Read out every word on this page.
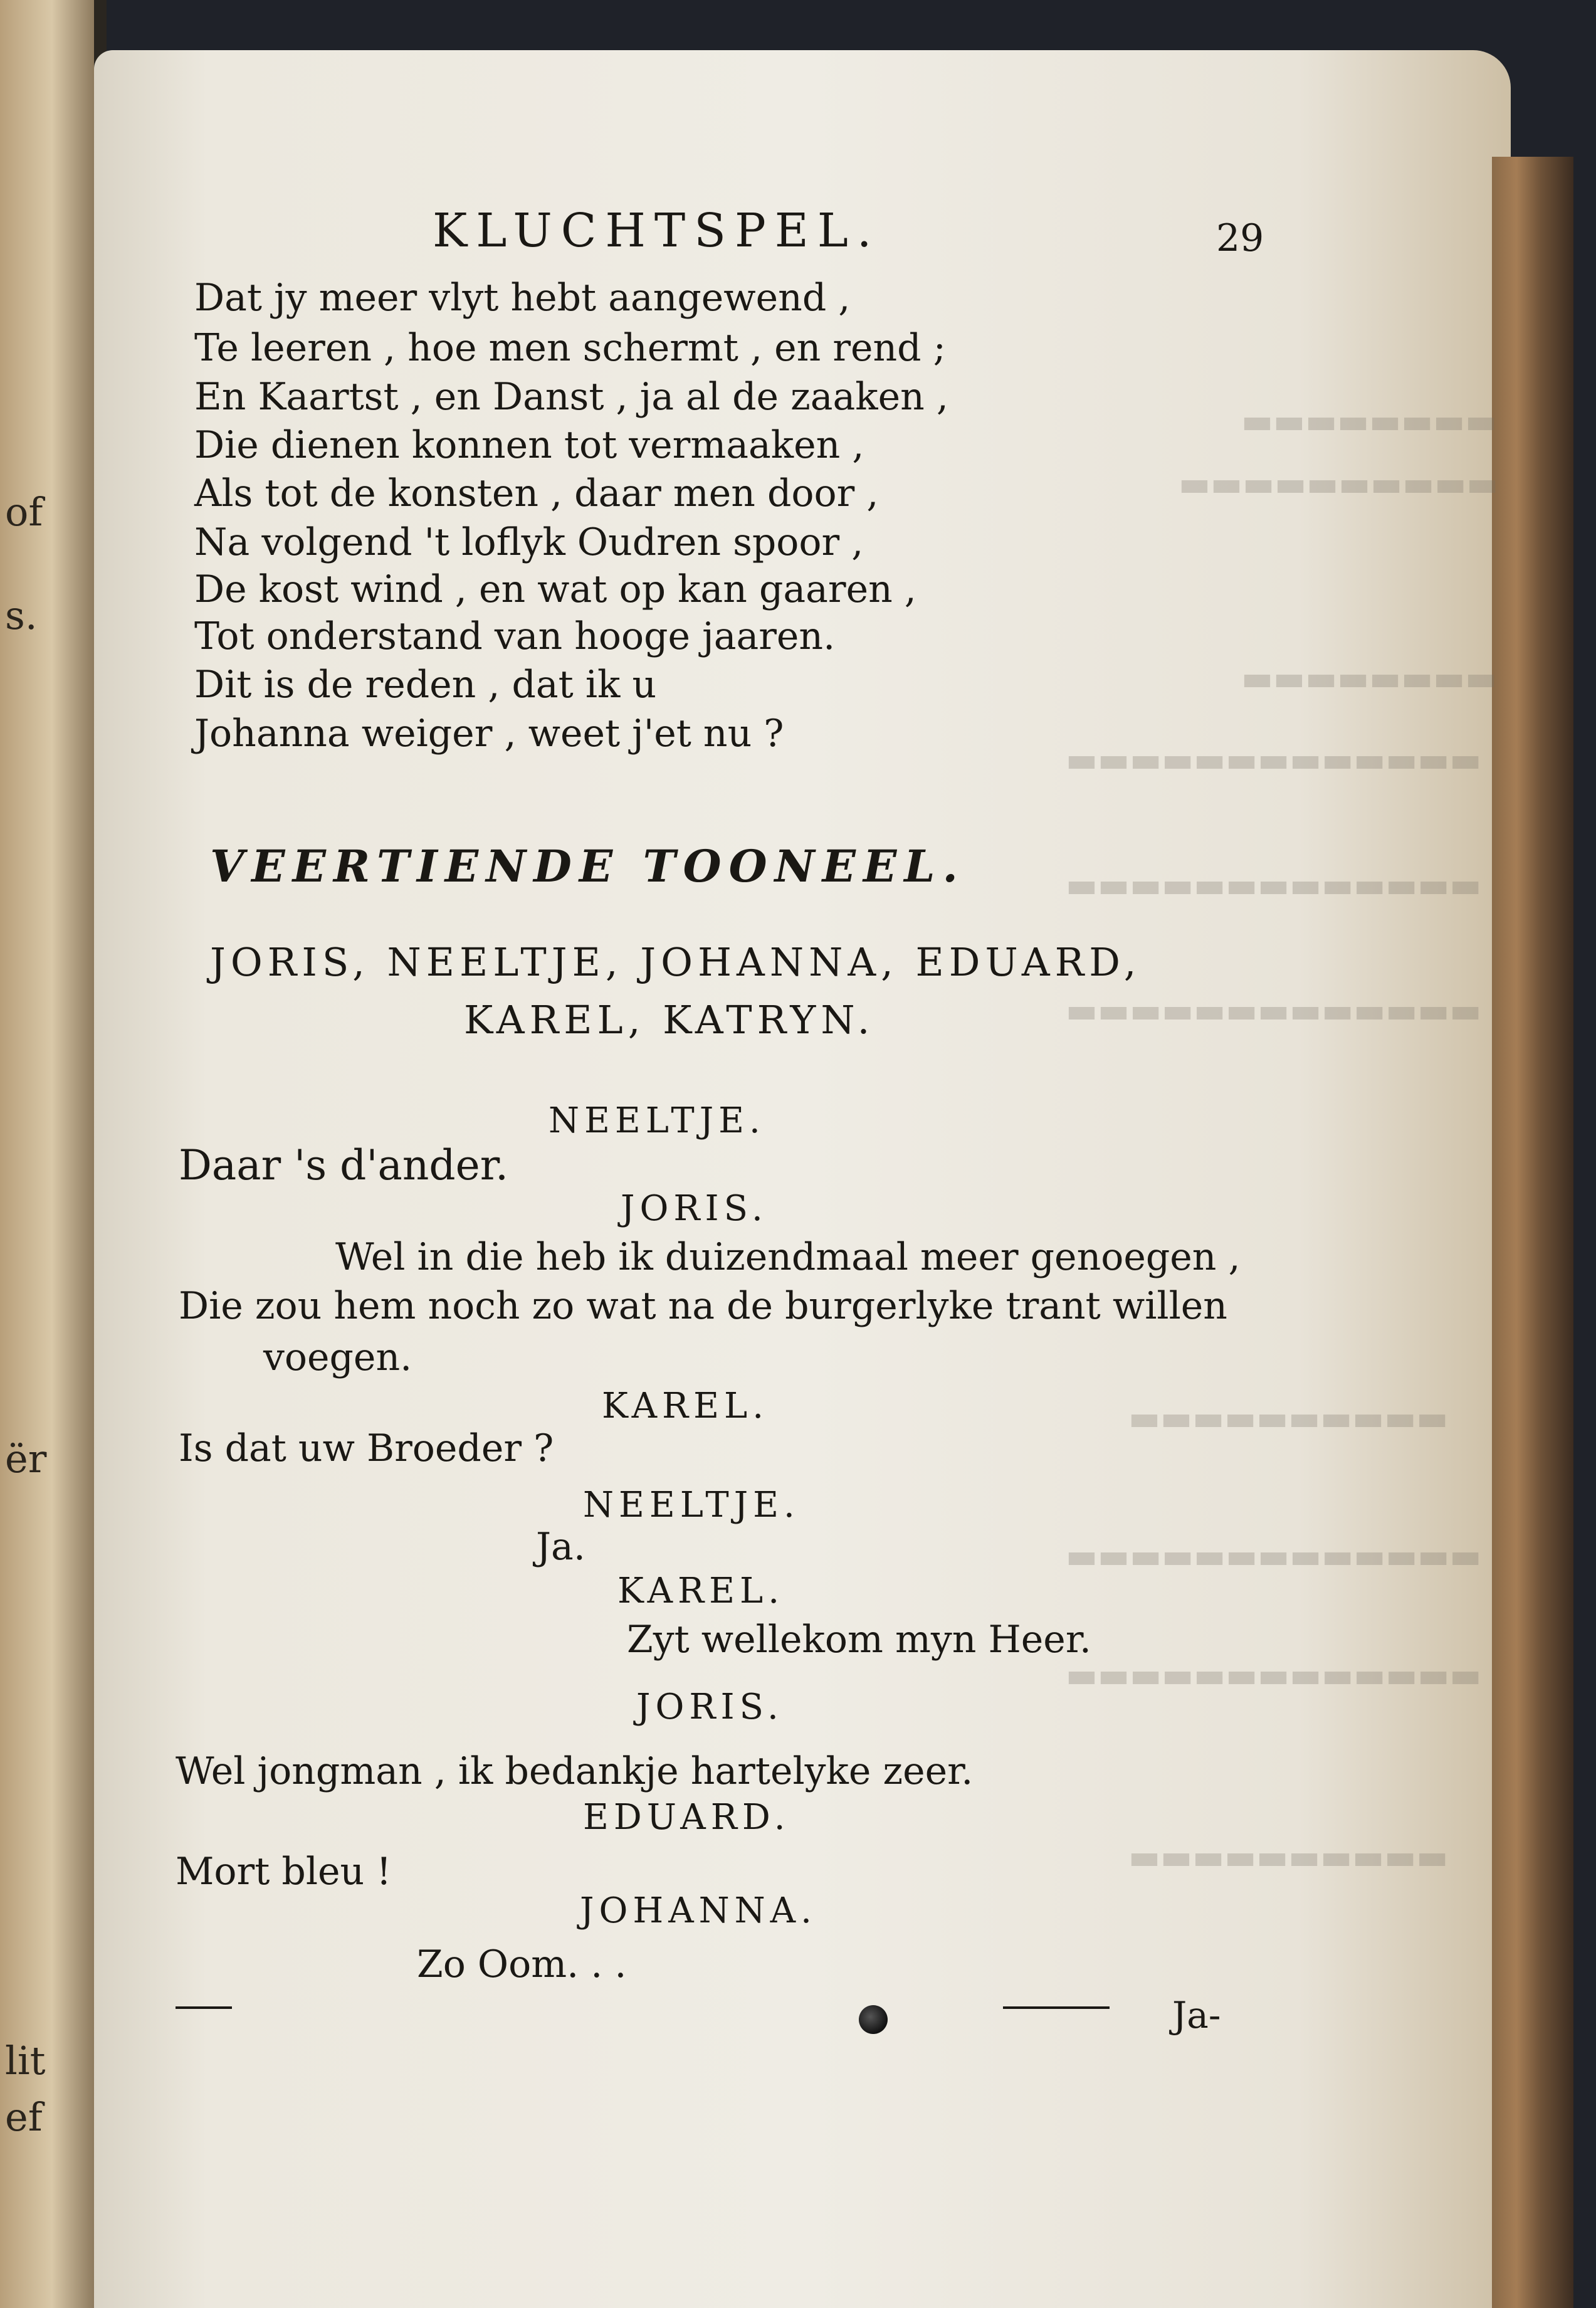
of
s.
ër
lit
ef
▬▬▬▬▬▬▬▬
▬▬▬▬▬▬▬▬▬▬
▬▬▬▬▬▬▬▬
▬▬▬▬▬▬▬▬▬▬▬▬▬
▬▬▬▬▬▬▬▬▬▬▬▬▬
▬▬▬▬▬▬▬▬▬▬▬▬▬
▬▬▬▬▬▬▬▬▬▬
▬▬▬▬▬▬▬▬▬▬▬▬▬
▬▬▬▬▬▬▬▬▬▬▬▬▬
▬▬▬▬▬▬▬▬▬▬
KLUCHTSPEL.	29
Dat jy meer vlyt hebt aangewend ,
Te leeren , hoe men schermt , en rend ;
En Kaartst , en Danst , ja al de zaaken ,
Die dienen konnen tot vermaaken ,
Als tot de konsten , daar men door ,
Na volgend 't loflyk Oudren spoor ,
De kost wind , en wat op kan gaaren ,
Tot onderstand van hooge jaaren.
Dit is de reden , dat ik u
Johanna weiger , weet j'et nu ?
VEERTIENDE TOONEEL.
JORIS, NEELTJE, JOHANNA, EDUARD,
KAREL, KATRYN.
NEELTJE.
Daar 's d'ander.
JORIS.
Wel in die heb ik duizendmaal meer genoegen ,
Die zou hem noch zo wat na de burgerlyke trant willen
voegen.
KAREL.
Is dat uw Broeder ?
NEELTJE.
Ja.
KAREL.
Zyt wellekom myn Heer.
JORIS.
Wel jongman , ik bedankje hartelyke zeer.
EDUARD.
Mort bleu !
JOHANNA.
Zo Oom. . .
Ja-
